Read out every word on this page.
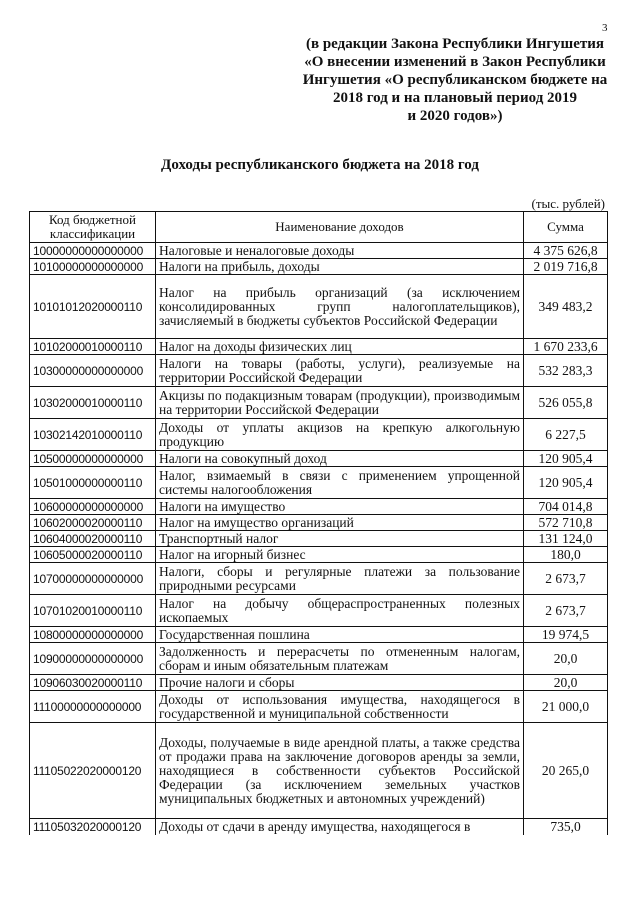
3
(в редакции Закона Республики Ингушетия
«О внесении изменений в Закон Республики
Ингушетия «О республиканском бюджете на
2018 год и на плановый период 2019
и 2020 годов»)
Доходы республиканского бюджета на 2018 год
(тыс. рублей)
Код бюджетной классификации	Наименование доходов	Сумма
10000000000000000	Налоговые и неналоговые доходы	4 375 626,8
10100000000000000	Налоги на прибыль, доходы	2 019 716,8
10101012020000110	Налог на прибыль организаций (за исключением консолидированных групп налогоплательщиков), зачисляемый в бюджеты субъектов Российской Федерации	349 483,2
10102000010000110	Налог на доходы физических лиц	1 670 233,6
10300000000000000	Налоги на товары (работы, услуги), реализуемые на территории Российской Федерации	532 283,3
10302000010000110	Акцизы по подакцизным товарам (продукции), производимым на территории Российской Федерации	526 055,8
10302142010000110	Доходы от уплаты акцизов на крепкую алкогольную продукцию	6 227,5
10500000000000000	Налоги на совокупный доход	120 905,4
10501000000000110	Налог, взимаемый в связи с применением упрощенной системы налогообложения	120 905,4
10600000000000000	Налоги на имущество	704 014,8
10602000020000110	Налог на имущество организаций	572 710,8
10604000020000110	Транспортный налог	131 124,0
10605000020000110	Налог на игорный бизнес	180,0
10700000000000000	Налоги, сборы и регулярные платежи за пользование природными ресурсами	2 673,7
10701020010000110	Налог на добычу общераспространенных полезных ископаемых	2 673,7
10800000000000000	Государственная пошлина	19 974,5
10900000000000000	Задолженность и перерасчеты по отмененным налогам, сборам и иным обязательным платежам	20,0
10906030020000110	Прочие налоги и сборы	20,0
11100000000000000	Доходы от использования имущества, находящегося в государственной и муниципальной собственности	21 000,0
11105022020000120	Доходы, получаемые в виде арендной платы, а также средства от продажи права на заключение договоров аренды за земли, находящиеся в собственности субъектов Российской Федерации (за исключением земельных участков муниципальных бюджетных и автономных учреждений)	20 265,0
11105032020000120	Доходы от сдачи в аренду имущества, находящегося в	735,0
